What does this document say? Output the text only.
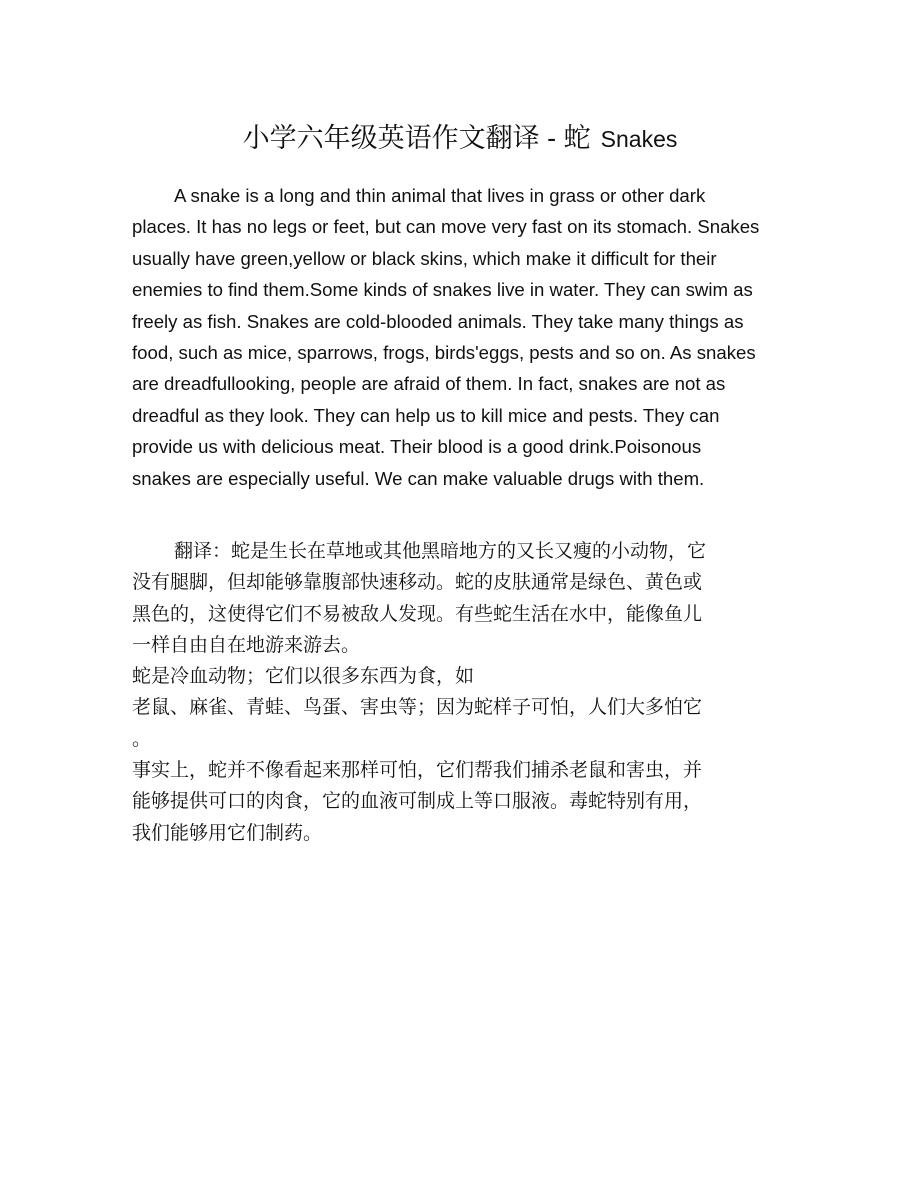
小学六年级英语作文翻译 - 蛇 Snakes

A snake is a long and thin animal that lives in grass or other dark places. It has no legs or feet, but can move very fast on its stomach. Snakes usually have green,yellow or black skins, which make it difficult for their enemies to find them.Some kinds of snakes live in water. They can swim as freely as fish. Snakes are cold-blooded animals. They take many things as food, such as mice, sparrows, frogs, birds'eggs, pests and so on. As snakes are dreadfullooking, people are afraid of them. In fact, snakes are not as dreadful as they look. They can help us to kill mice and pests. They can provide us with delicious meat. Their blood is a good drink.Poisonous snakes are especially useful. We can make valuable drugs with them.

翻译：蛇是生长在草地或其他黑暗地方的又长又瘦的小动物，它
没有腿脚，但却能够靠腹部快速移动。蛇的皮肤通常是绿色、黄色或
黑色的，这使得它们不易被敌人发现。有些蛇生活在水中，能像鱼儿
一样自由自在地游来游去。
蛇是冷血动物；它们以很多东西为食，如
老鼠、麻雀、青蛙、鸟蛋、害虫等；因为蛇样子可怕，人们大多怕它
。
事实上，蛇并不像看起来那样可怕，它们帮我们捕杀老鼠和害虫，并
能够提供可口的肉食，它的血液可制成上等口服液。毒蛇特别有用，
我们能够用它们制药。
